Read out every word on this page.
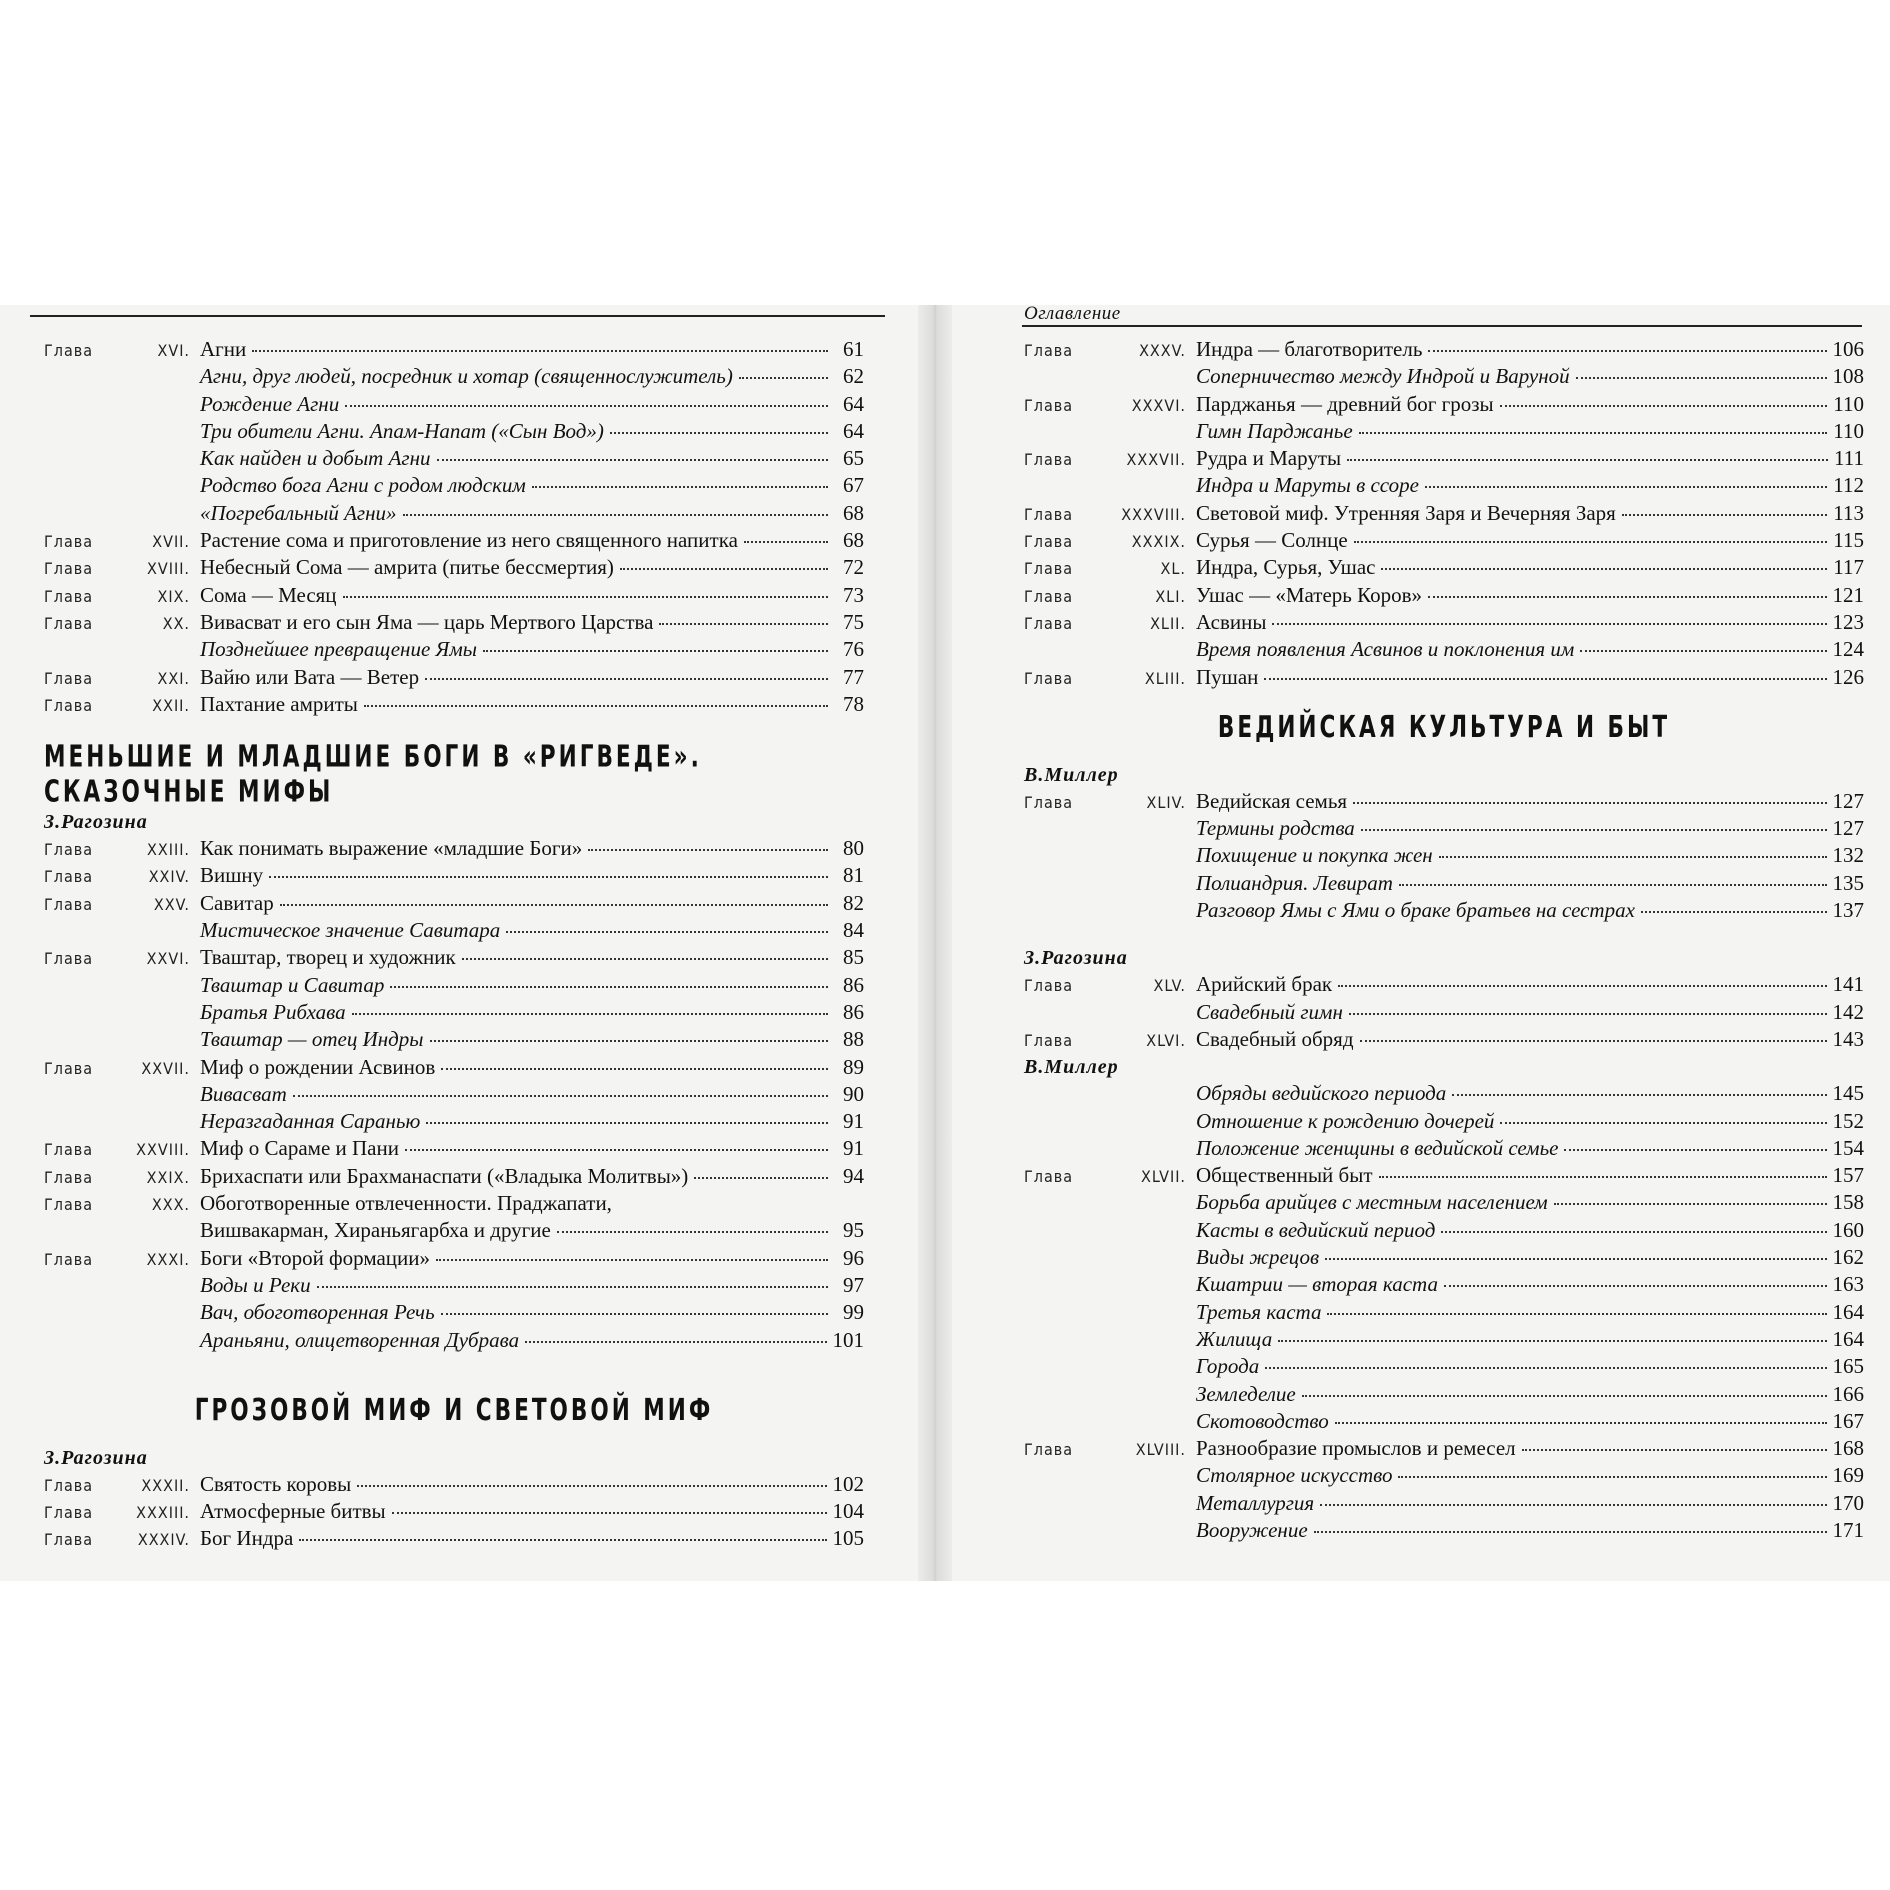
Глава	XVI. Агни	61
Агни, друг людей, посредник и хотар (священнослужитель)	62
Рождение Агни	64
Три обители Агни. Апам-Напат («Сын Вод»)	64
Как найден и добыт Агни	65
Родство бога Агни с родом людским	67
«Погребальный Агни»	68
Глава	XVII. Растение сома и приготовление из него священного напитка	68
Глава	XVIII. Небесный Сома — амрита (питье бессмертия)	72
Глава	XIX. Сома — Месяц	73
Глава	XX. Вивасват и его сын Яма — царь Мертвого Царства	75
Позднейшее превращение Ямы	76
Глава	XXI. Вайю или Вата — Ветер	77
Глава	XXII. Пахтание амриты	78
МЕНЬШИЕ И МЛАДШИЕ БОГИ В «РИГВЕДЕ». СКАЗОЧНЫЕ МИФЫ
З.Рагозина
Глава	XXIII. Как понимать выражение «младшие Боги»	80
Глава	XXIV. Вишну	81
Глава	XXV. Савитар	82
Мистическое значение Савитара	84
Глава	XXVI. Тваштар, творец и художник	85
Тваштар и Савитар	86
Братья Рибхава	86
Тваштар — отец Индры	88
Глава	XXVII. Миф о рождении Асвинов	89
Вивасват	90
Неразгаданная Саранью	91
Глава	XXVIII. Миф о Сараме и Пани	91
Глава	XXIX. Брихаспати или Брахманаспати («Владыка Молитвы»)	94
Глава	XXX. Обоготворенные отвлеченности. Праджапати,
Вишвакарман, Хираньягарбха и другие	95
Глава	XXXI. Боги «Второй формации»	96
Воды и Реки	97
Вач, обоготворенная Речь	99
Араньяни, олицетворенная Дубрава	101
ГРОЗОВОЙ МИФ И СВЕТОВОЙ МИФ
З.Рагозина
Глава	XXXII. Святость коровы	102
Глава	XXXIII. Атмосферные битвы	104
Глава	XXXIV. Бог Индра	105
Оглавление
Глава	XXXV. Индра — благотворитель	106
Соперничество между Индрой и Варуной	108
Глава	XXXVI. Парджанья — древний бог грозы	110
Гимн Парджанье	110
Глава	XXXVII. Рудра и Маруты	111
Индра и Маруты в ссоре	112
Глава	XXXVIII. Световой миф. Утренняя Заря и Вечерняя Заря	113
Глава	XXXIX. Сурья — Солнце	115
Глава	XL. Индра, Сурья, Ушас	117
Глава	XLI. Ушас — «Матерь Коров»	121
Глава	XLII. Асвины	123
Время появления Асвинов и поклонения им	124
Глава	XLIII. Пушан	126
ВЕДИЙСКАЯ КУЛЬТУРА И БЫТ
В.Миллер
Глава	XLIV. Ведийская семья	127
Термины родства	127
Похищение и покупка жен	132
Полиандрия. Левират	135
Разговор Ямы с Ями о браке братьев на сестрах	137
З.Рагозина
Глава	XLV. Арийский брак	141
Свадебный гимн	142
Глава	XLVI. Свадебный обряд	143
В.Миллер
Обряды ведийского периода	145
Отношение к рождению дочерей	152
Положение женщины в ведийской семье	154
Глава	XLVII. Общественный быт	157
Борьба арийцев с местным населением	158
Касты в ведийский период	160
Виды жрецов	162
Кшатрии — вторая каста	163
Третья каста	164
Жилища	164
Города	165
Земледелие	166
Скотоводство	167
Глава	XLVIII. Разнообразие промыслов и ремесел	168
Столярное искусство	169
Металлургия	170
Вооружение	171
